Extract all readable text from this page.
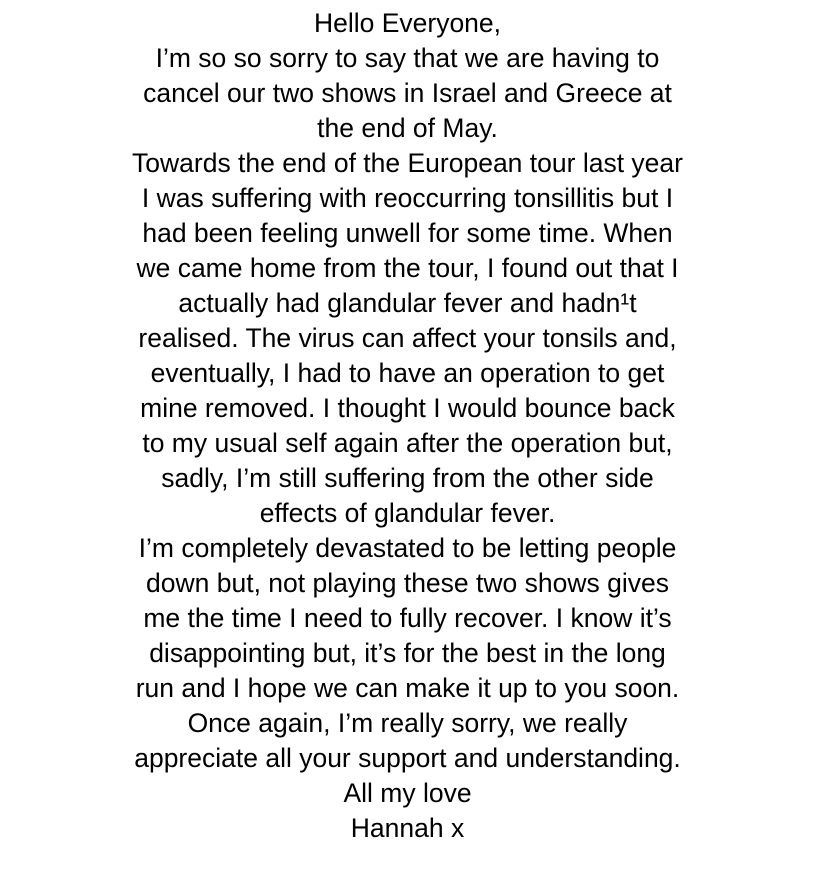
Hello Everyone,
I’m so so sorry to say that we are having to
cancel our two shows in Israel and Greece at
the end of May.
Towards the end of the European tour last year
I was suffering with reoccurring tonsillitis but I
had been feeling unwell for some time. When
we came home from the tour, I found out that I
actually had glandular fever and hadn¹t
realised. The virus can affect your tonsils and,
eventually, I had to have an operation to get
mine removed. I thought I would bounce back
to my usual self again after the operation but,
sadly, I’m still suffering from the other side
effects of glandular fever.
I’m completely devastated to be letting people
down but, not playing these two shows gives
me the time I need to fully recover. I know it’s
disappointing but, it’s for the best in the long
run and I hope we can make it up to you soon.
Once again, I’m really sorry, we really
appreciate all your support and understanding.
All my love
Hannah x
